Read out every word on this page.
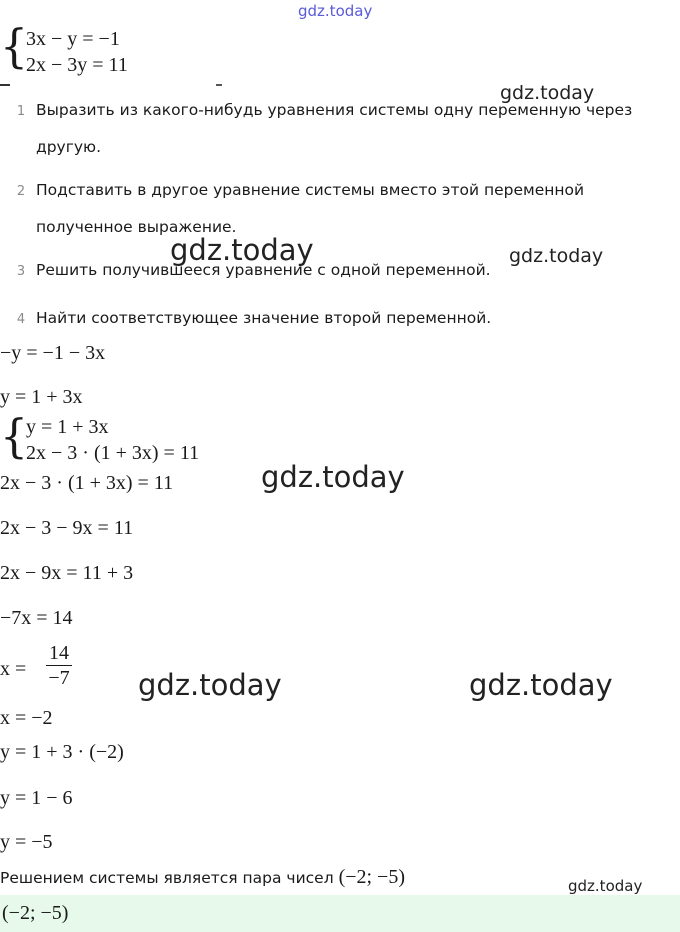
gdz.today
{
3x − y = −1
2x − 3y = 11
1 Выразить из какого-нибудь уравнения системы одну переменную через другую.
2 Подставить в другое уравнение системы вместо этой переменной полученное выражение.
3 Решить получившееся уравнение с одной переменной.
4 Найти соответствующее значение второй переменной.
gdz.today
gdz.today	gdz.today
−y = −1 − 3x
y = 1 + 3x
{
y = 1 + 3x
2x − 3 · (1 + 3x) = 11
2x − 3 · (1 + 3x) = 11	gdz.today
2x − 3 − 9x = 11
2x − 9x = 11 + 3
−7x = 14
x =
14
−7 gdz.today	gdz.today
x = −2
y = 1 + 3 · (−2)
y = 1 − 6
y = −5
Решением системы является пара чисел (−2; −5)	gdz.today
(−2; −5)
